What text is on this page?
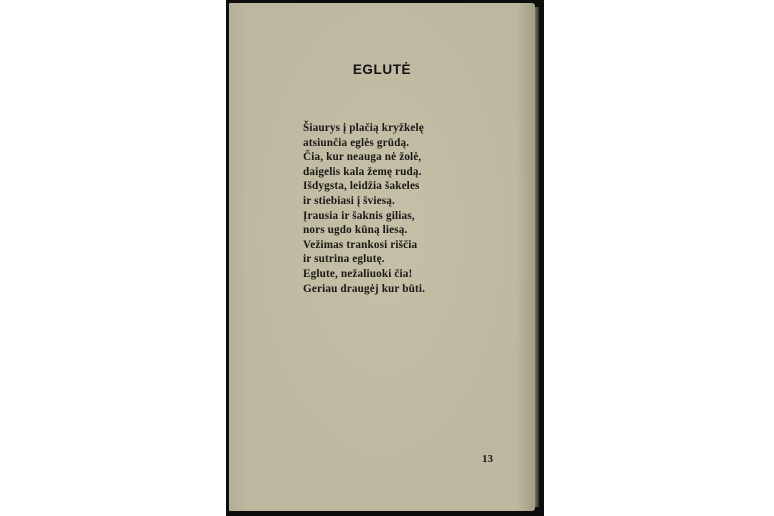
EGLUTĖ
Šiaurys į plačią kryžkelę
atsiunčia eglės grūdą.
Čia, kur neauga nė žolė,
daigelis kala žemę rudą.
Išdygsta, leidžia šakeles
ir stiebiasi į šviesą.
Įrausia ir šaknis gilias,
nors ugdo kūną liesą.
Vežimas trankosi riščia
ir sutrina eglutę.
Eglute, nežaliuoki čia!
Geriau draugėj kur būti.
13
